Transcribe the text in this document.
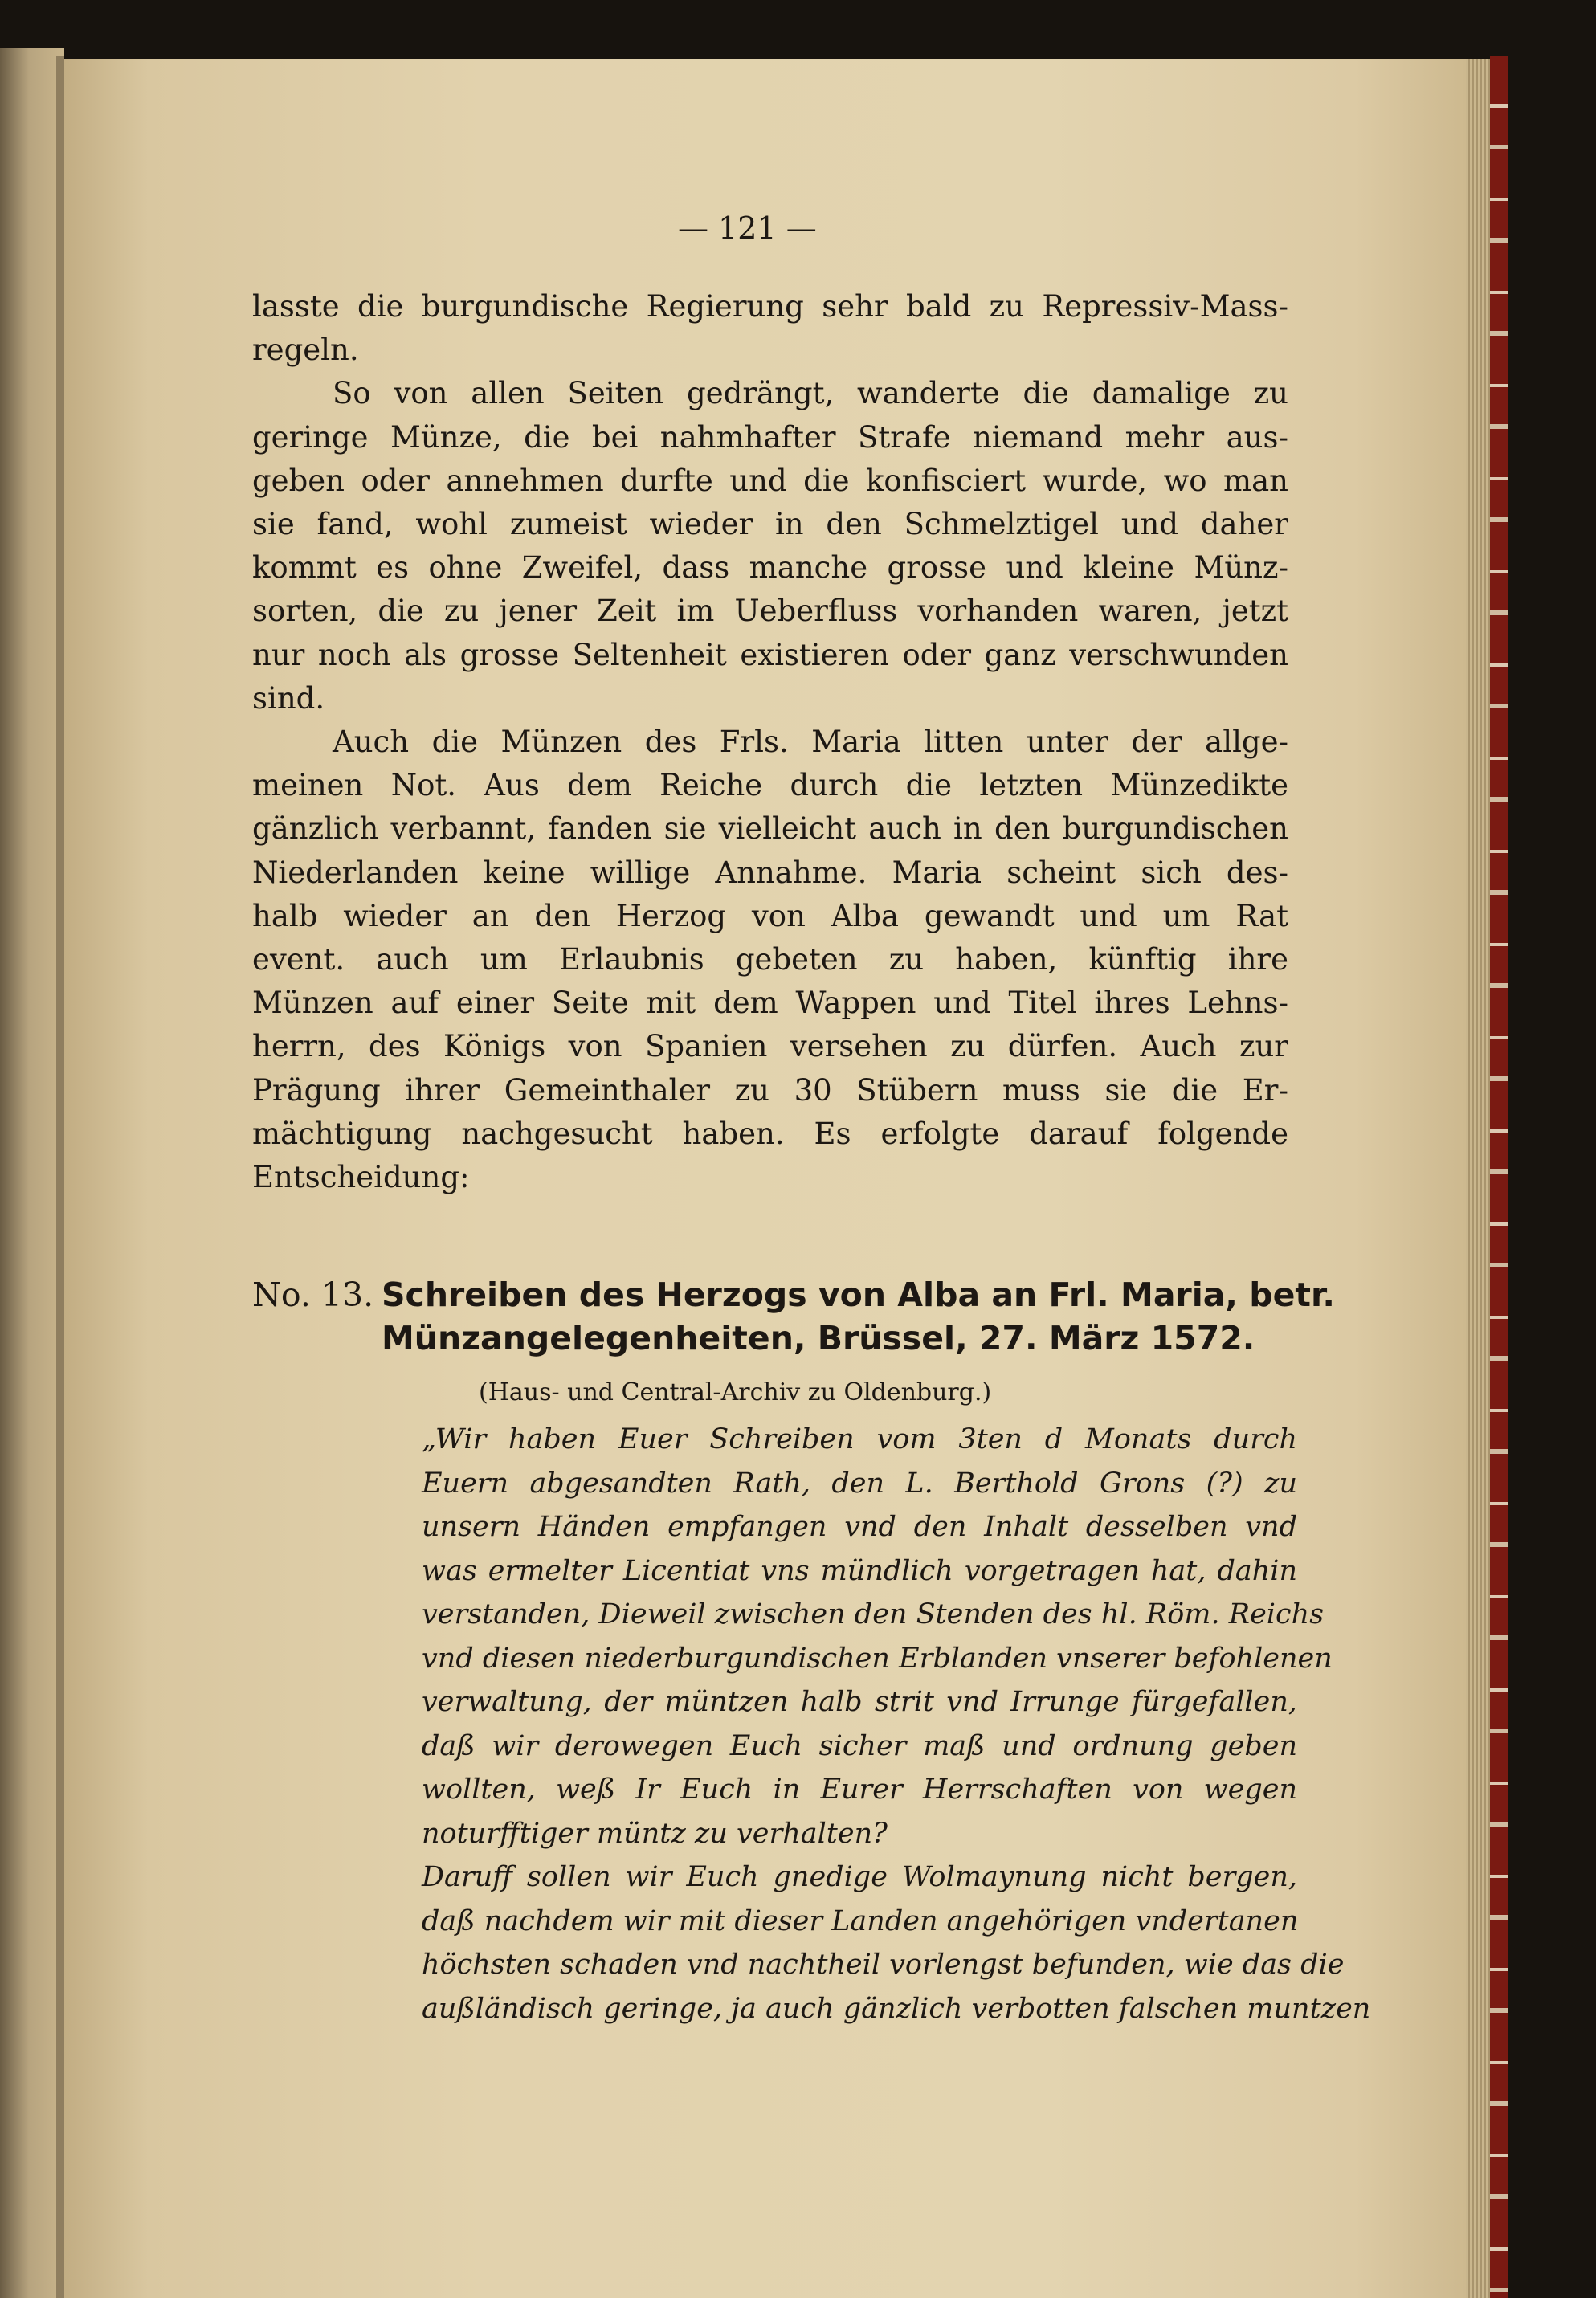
— 121 —
lasste die burgundische Regierung sehr bald zu Repressiv-Mass-
regeln.
So von allen Seiten gedrängt, wanderte die damalige zu
geringe Münze, die bei nahmhafter Strafe niemand mehr aus-
geben oder annehmen durfte und die konfisciert wurde, wo man
sie fand, wohl zumeist wieder in den Schmelztigel und daher
kommt es ohne Zweifel, dass manche grosse und kleine Münz-
sorten, die zu jener Zeit im Ueberfluss vorhanden waren, jetzt
nur noch als grosse Seltenheit existieren oder ganz verschwunden
sind.
Auch die Münzen des Frls. Maria litten unter der allge-
meinen Not. Aus dem Reiche durch die letzten Münzedikte
gänzlich verbannt, fanden sie vielleicht auch in den burgundischen
Niederlanden keine willige Annahme. Maria scheint sich des-
halb wieder an den Herzog von Alba gewandt und um Rat
event. auch um Erlaubnis gebeten zu haben, künftig ihre
Münzen auf einer Seite mit dem Wappen und Titel ihres Lehns-
herrn, des Königs von Spanien versehen zu dürfen. Auch zur
Prägung ihrer Gemeinthaler zu 30 Stübern muss sie die Er-
mächtigung nachgesucht haben. Es erfolgte darauf folgende
Entscheidung:
No. 13. Schreiben des Herzogs von Alba an Frl. Maria, betr.
Münzangelegenheiten, Brüssel, 27. März 1572.
(Haus- und Central-Archiv zu Oldenburg.)
„Wir haben Euer Schreiben vom 3ten d Monats durch
Euern abgesandten Rath, den L. Berthold Grons (?) zu
unsern Händen empfangen vnd den Inhalt desselben vnd
was ermelter Licentiat vns mündlich vorgetragen hat, dahin
verstanden, Dieweil zwischen den Stenden des hl. Röm. Reichs
vnd diesen niederburgundischen Erblanden vnserer befohlenen
verwaltung, der müntzen halb strit vnd Irrunge fürgefallen,
daß wir derowegen Euch sicher maß und ordnung geben
wollten, weß Ir Euch in Eurer Herrschaften von wegen
noturfftiger müntz zu verhalten?
Daruff sollen wir Euch gnedige Wolmaynung nicht bergen,
daß nachdem wir mit dieser Landen angehörigen vndertanen
höchsten schaden vnd nachtheil vorlengst befunden, wie das die
außländisch geringe, ja auch gänzlich verbotten falschen muntzen
